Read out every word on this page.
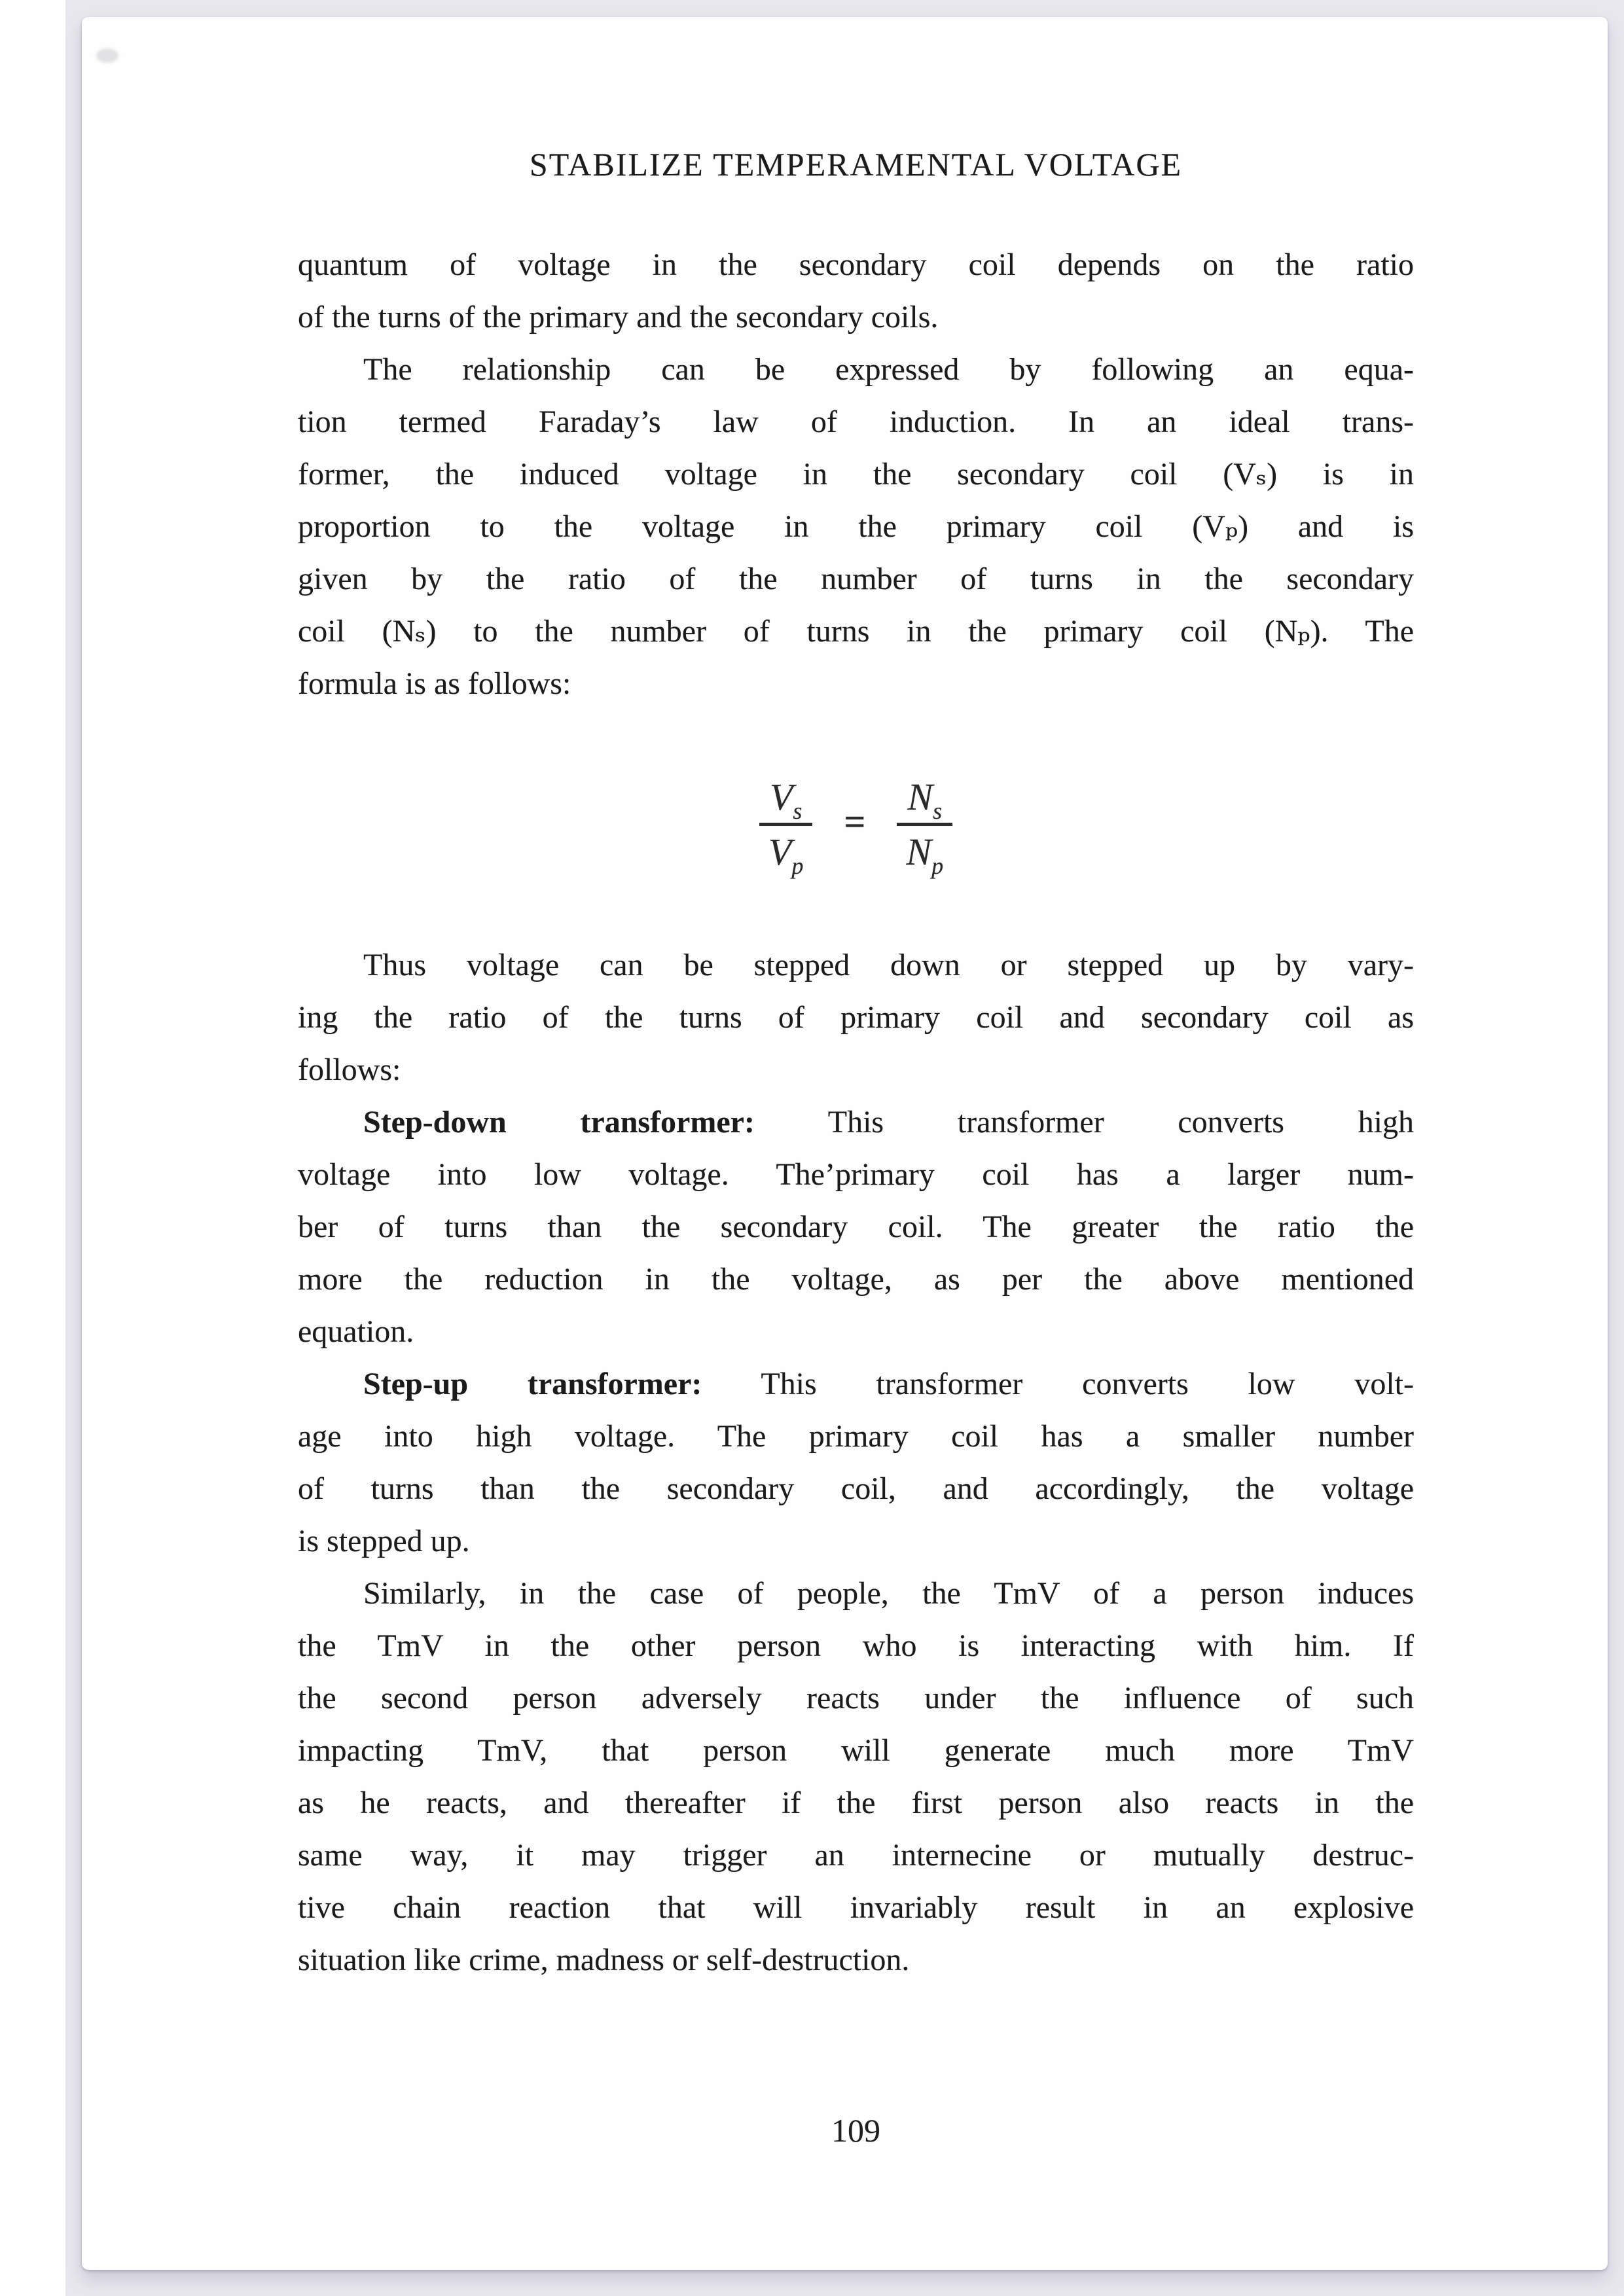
STABILIZE TEMPERAMENTAL VOLTAGE
quantum of voltage in the secondary coil depends on the ratio
of the turns of the primary and the secondary coils.
The relationship can be expressed by following an equa-
tion termed Faraday’s law of induction. In an ideal trans-
former, the induced voltage in the secondary coil (Vₛ) is in
proportion to the voltage in the primary coil (Vₚ) and is
given by the ratio of the number of turns in the secondary
coil (Nₛ) to the number of turns in the primary coil (Nₚ). The
formula is as follows:
$\frac{V_s}{V_p} = \frac{N_s}{N_p}$
Thus voltage can be stepped down or stepped up by vary-
ing the ratio of the turns of primary coil and secondary coil as
follows:
Step-down transformer: This transformer converts high
voltage into low voltage. The’primary coil has a larger num-
ber of turns than the secondary coil. The greater the ratio the
more the reduction in the voltage, as per the above mentioned
equation.
Step-up transformer: This transformer converts low volt-
age into high voltage. The primary coil has a smaller number
of turns than the secondary coil, and accordingly, the voltage
is stepped up.
Similarly, in the case of people, the TmV of a person induces
the TmV in the other person who is interacting with him. If
the second person adversely reacts under the influence of such
impacting TmV, that person will generate much more TmV
as he reacts, and thereafter if the first person also reacts in the
same way, it may trigger an internecine or mutually destruc-
tive chain reaction that will invariably result in an explosive
situation like crime, madness or self-destruction.
109
